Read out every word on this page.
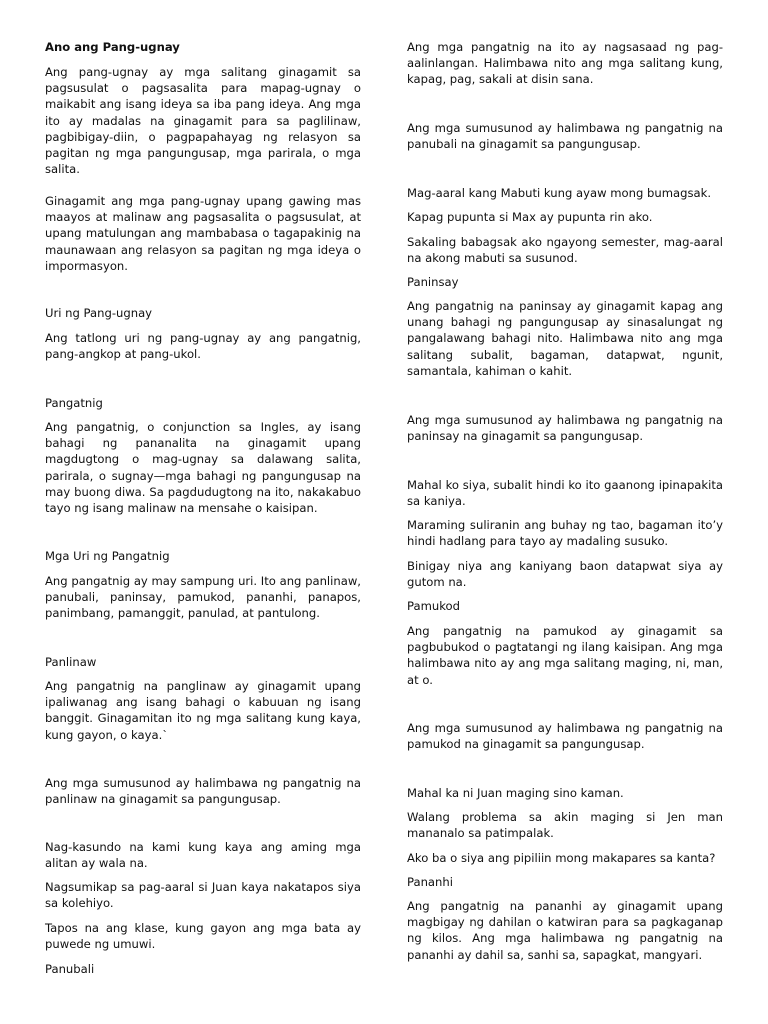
Ano ang Pang-ugnay

Ang pang-ugnay ay mga salitang ginagamit sa pagsusulat o pagsasalita para mapag-ugnay o maikabit ang isang ideya sa iba pang ideya. Ang mga ito ay madalas na ginagamit para sa paglilinaw, pagbibigay-diin, o pagpapahayag ng relasyon sa pagitan ng mga pangungusap, mga parirala, o mga salita.

Ginagamit ang mga pang-ugnay upang gawing mas maayos at malinaw ang pagsasalita o pagsusulat, at upang matulungan ang mambabasa o tagapakinig na maunawaan ang relasyon sa pagitan ng mga ideya o impormasyon.

Uri ng Pang-ugnay

Ang tatlong uri ng pang-ugnay ay ang pangatnig, pang-angkop at pang-ukol.

Pangatnig

Ang pangatnig, o conjunction sa Ingles, ay isang bahagi ng pananalita na ginagamit upang magdugtong o mag-ugnay sa dalawang salita, parirala, o sugnay—mga bahagi ng pangungusap na may buong diwa. Sa pagdudugtong na ito, nakakabuo tayo ng isang malinaw na mensahe o kaisipan.

Mga Uri ng Pangatnig

Ang pangatnig ay may sampung uri. Ito ang panlinaw, panubali, paninsay, pamukod, pananhi, panapos, panimbang, pamanggit, panulad, at pantulong.

Panlinaw

Ang pangatnig na panglinaw ay ginagamit upang ipaliwanag ang isang bahagi o kabuuan ng isang banggit. Ginagamitan ito ng mga salitang kung kaya, kung gayon, o kaya.`

Ang mga sumusunod ay halimbawa ng pangatnig na panlinaw na ginagamit sa pangungusap.

Nag-kasundo na kami kung kaya ang aming mga alitan ay wala na.

Nagsumikap sa pag-aaral si Juan kaya nakatapos siya sa kolehiyo.

Tapos na ang klase, kung gayon ang mga bata ay puwede ng umuwi.

Panubali

Ang mga pangatnig na ito ay nagsasaad ng pag-aalinlangan. Halimbawa nito ang mga salitang kung, kapag, pag, sakali at disin sana.

Ang mga sumusunod ay halimbawa ng pangatnig na panubali na ginagamit sa pangungusap.

Mag-aaral kang Mabuti kung ayaw mong bumagsak.

Kapag pupunta si Max ay pupunta rin ako.

Sakaling babagsak ako ngayong semester, mag-aaral na akong mabuti sa susunod.

Paninsay

Ang pangatnig na paninsay ay ginagamit kapag ang unang bahagi ng pangungusap ay sinasalungat ng pangalawang bahagi nito. Halimbawa nito ang mga salitang subalit, bagaman, datapwat, ngunit, samantala, kahiman o kahit.

Ang mga sumusunod ay halimbawa ng pangatnig na paninsay na ginagamit sa pangungusap.

Mahal ko siya, subalit hindi ko ito gaanong ipinapakita sa kaniya.

Maraming suliranin ang buhay ng tao, bagaman ito’y hindi hadlang para tayo ay madaling susuko.

Binigay niya ang kaniyang baon datapwat siya ay gutom na.

Pamukod

Ang pangatnig na pamukod ay ginagamit sa pagbubukod o pagtatangi ng ilang kaisipan. Ang mga halimbawa nito ay ang mga salitang maging, ni, man, at o.

Ang mga sumusunod ay halimbawa ng pangatnig na pamukod na ginagamit sa pangungusap.

Mahal ka ni Juan maging sino kaman.

Walang problema sa akin maging si Jen man mananalo sa patimpalak.

Ako ba o siya ang pipiliin mong makapares sa kanta?

Pananhi

Ang pangatnig na pananhi ay ginagamit upang magbigay ng dahilan o katwiran para sa pagkaganap ng kilos. Ang mga halimbawa ng pangatnig na pananhi ay dahil sa, sanhi sa, sapagkat, mangyari.
